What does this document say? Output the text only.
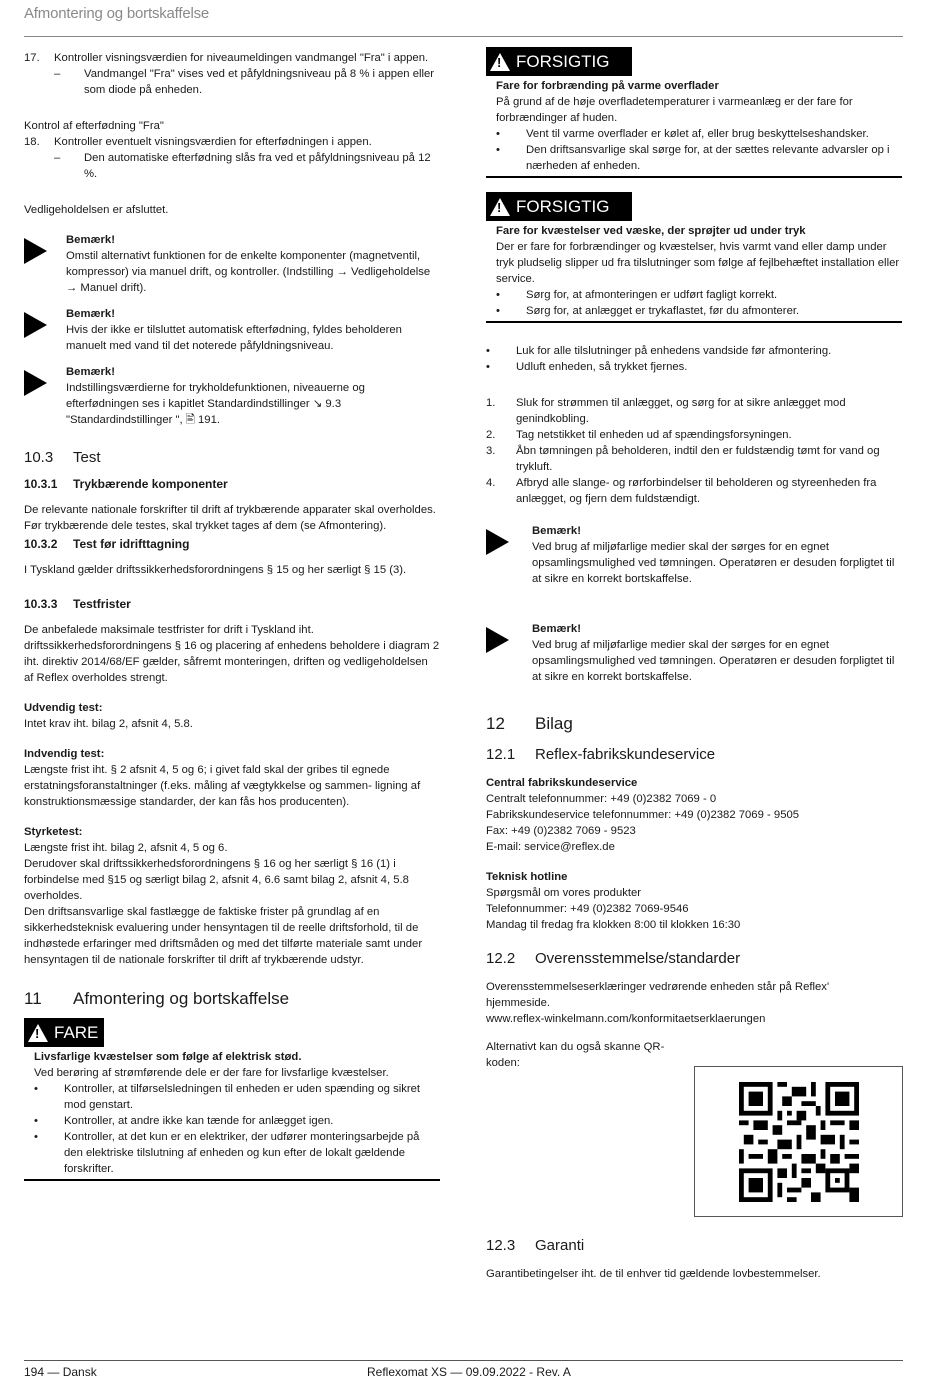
Afmontering og bortskaffelse
17.	Kontroller visningsværdien for niveaumeldingen vandmangel "Fra" i appen.

–	Vandmangel "Fra" vises ved et påfyldningsniveau på 8 % i appen eller som diode på enheden.

Kontrol af efterfødning "Fra"

18.	Kontroller eventuelt visningsværdien for efterfødningen i appen.

–	Den automatiske efterfødning slås fra ved et påfyldningsniveau på 12 %.

Vedligeholdelsen er afsluttet.

Bemærk!

Omstil alternativt funktionen for de enkelte komponenter (magnetventil, kompressor) via manuel drift, og kontroller. (Indstilling → Vedligeholdelse → Manuel drift).

Bemærk!

Hvis der ikke er tilsluttet automatisk efterfødning, fyldes beholderen manuelt med vand til det noterede påfyldningsniveau.

Bemærk!

Indstillingsværdierne for trykholdefunktionen, niveauerne og efterfødningen ses i kapitlet Standardindstillinger ↘ 9.3 "Standardindstillinger ", 🖹 191.

10.3	Test
10.3.1	Trykbærende komponenter

De relevante nationale forskrifter til drift af trykbærende apparater skal overholdes. Før trykbærende dele testes, skal trykket tages af dem (se Afmontering).

10.3.2	Test før idrifttagning

I Tyskland gælder driftssikkerhedsforordningens § 15 og her særligt § 15 (3).

10.3.3	Testfrister

De anbefalede maksimale testfrister for drift i Tyskland iht. driftssikkerhedsforordningens § 16 og placering af enhedens beholdere i diagram 2 iht. direktiv 2014/68/EF gælder, såfremt monteringen, driften og vedligeholdelsen af Reflex overholdes strengt.

Udvendig test:

Intet krav iht. bilag 2, afsnit 4, 5.8.

Indvendig test:

Længste frist iht. § 2 afsnit 4, 5 og 6; i givet fald skal der gribes til egnede erstatningsforanstaltninger (f.eks. måling af vægtykkelse og sammen- ligning af konstruktionsmæssige standarder, der kan fås hos producenten).

Styrketest:

Længste frist iht. bilag 2, afsnit 4, 5 og 6.

Derudover skal driftssikkerhedsforordningens § 16 og her særligt § 16 (1) i forbindelse med §15 og særligt bilag 2, afsnit 4, 6.6 samt bilag 2, afsnit 4, 5.8 overholdes.

Den driftsansvarlige skal fastlægge de faktiske frister på grundlag af en sikkerhedsteknisk evaluering under hensyntagen til de reelle driftsforhold, til de indhøstede erfaringer med driftsmåden og med det tilførte materiale samt under hensyntagen til de nationale forskrifter til drift af trykbærende udstyr.

11	Afmontering og bortskaffelse
!
FARE

Livsfarlige kvæstelser som følge af elektrisk stød.

Ved berøring af strømførende dele er der fare for livsfarlige kvæstelser.

•	Kontroller, at tilførselsledningen til enheden er uden spænding og sikret mod genstart.

•	Kontroller, at andre ikke kan tænde for anlægget igen.

•	Kontroller, at det kun er en elektriker, der udfører monteringsarbejde på den elektriske tilslutning af enheden og kun efter de lokalt gældende forskrifter.

!
FORSIGTIG

Fare for forbrænding på varme overflader

På grund af de høje overfladetemperaturer i varmeanlæg er der fare for forbrændinger af huden.

•	Vent til varme overflader er kølet af, eller brug beskyttelseshandsker.

•	Den driftsansvarlige skal sørge for, at der sættes relevante advarsler op i nærheden af enheden.

!
FORSIGTIG

Fare for kvæstelser ved væske, der sprøjter ud under tryk

Der er fare for forbrændinger og kvæstelser, hvis varmt vand eller damp under tryk pludselig slipper ud fra tilslutninger som følge af fejlbehæftet installation eller service.

•	Sørg for, at afmonteringen er udført fagligt korrekt.

•	Sørg for, at anlægget er trykaflastet, før du afmonterer.

•	Luk for alle tilslutninger på enhedens vandside før afmontering.

•	Udluft enheden, så trykket fjernes.

1.	Sluk for strømmen til anlægget, og sørg for at sikre anlægget mod genindkobling.

2.	Tag netstikket til enheden ud af spændingsforsyningen.

3.	Åbn tømningen på beholderen, indtil den er fuldstændig tømt for vand og trykluft.

4.	Afbryd alle slange- og rørforbindelser til beholderen og styreenheden fra anlægget, og fjern dem fuldstændigt.

Bemærk!

Ved brug af miljøfarlige medier skal der sørges for en egnet opsamlingsmulighed ved tømningen. Operatøren er desuden forpligtet til at sikre en korrekt bortskaffelse.

Bemærk!

Ved brug af miljøfarlige medier skal der sørges for en egnet opsamlingsmulighed ved tømningen. Operatøren er desuden forpligtet til at sikre en korrekt bortskaffelse.

12	Bilag
12.1	Reflex-fabrikskundeservice

Central fabrikskundeservice

Centralt telefonnummer: +49 (0)2382 7069 - 0

Fabrikskundeservice telefonnummer: +49 (0)2382 7069 - 9505

Fax: +49 (0)2382 7069 - 9523

E-mail: service@reflex.de

Teknisk hotline

Spørgsmål om vores produkter

Telefonnummer: +49 (0)2382 7069-9546

Mandag til fredag fra klokken 8:00 til klokken 16:30

12.2	Overensstemmelse/standarder

Overensstemmelseserklæringer vedrørende enheden står på Reflex' hjemmeside.

www.reflex-winkelmann.com/konformitaetserklaerungen

Alternativt kan du også skanne QR-koden:

12.3	Garanti

Garantibetingelser iht. de til enhver tid gældende lovbestemmelser.

194 — Dansk	Reflexomat XS — 09.09.2022 - Rev. A
